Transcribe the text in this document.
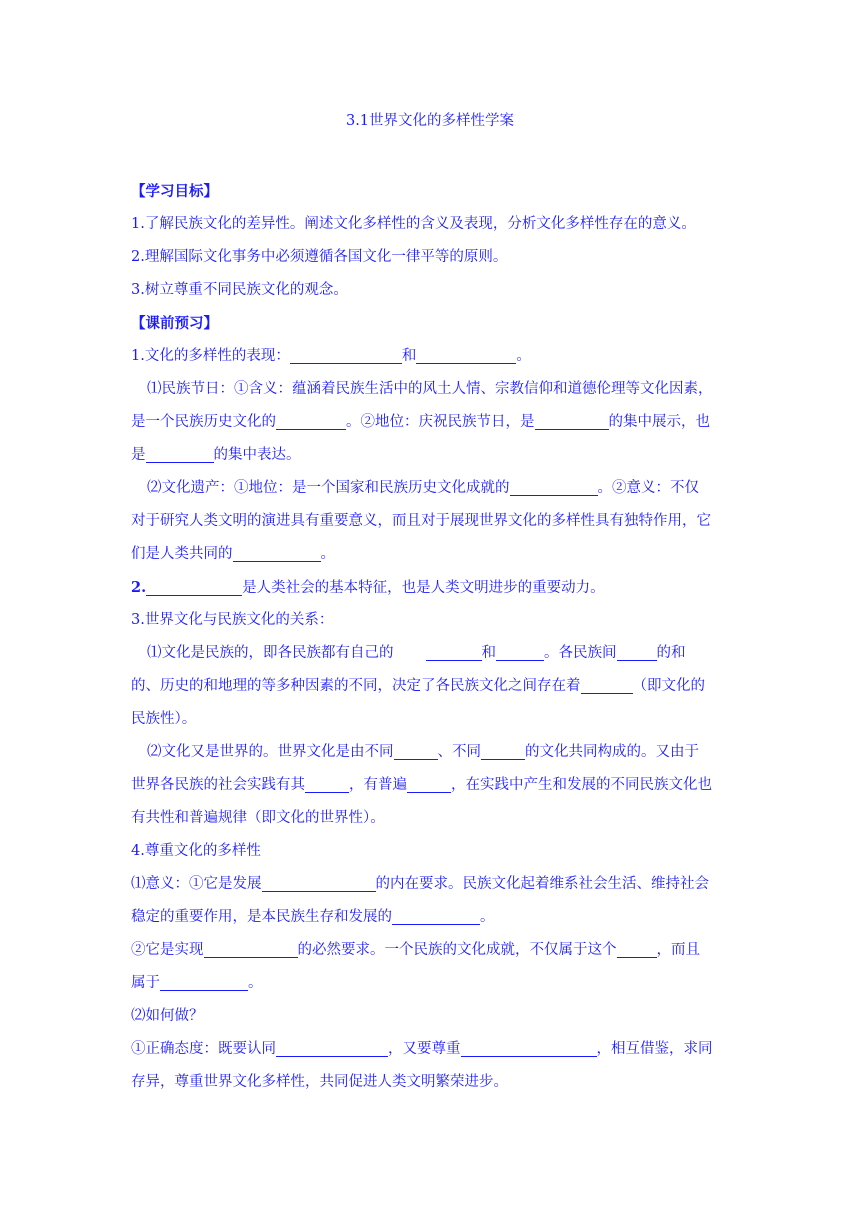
3.1世界文化的多样性学案
【学习目标】
1.了解民族文化的差异性。阐述文化多样性的含义及表现，分析文化多样性存在的意义。
2.理解国际文化事务中必须遵循各国文化一律平等的原则。
3.树立尊重不同民族文化的观念。
【课前预习】
1.文化的多样性的表现：	和	。
⑴民族节日：①含义：蕴涵着民族生活中的风土人情、宗教信仰和道德伦理等文化因素，
是一个民族历史文化的	。②地位：庆祝民族节日，是	的集中展示，也
是	的集中表达。
⑵文化遗产：①地位：是一个国家和民族历史文化成就的	。②意义：不仅
对于研究人类文明的演进具有重要意义，而且对于展现世界文化的多样性具有独特作用，它
们是人类共同的	。
2.	是人类社会的基本特征，也是人类文明进步的重要动力。
3.世界文化与民族文化的关系：
⑴文化是民族的，即各民族都有自己的	和	。各民族间	的和
的、历史的和地理的等多种因素的不同，决定了各民族文化之间存在着	（即文化的
民族性）。
⑵文化又是世界的。世界文化是由不同	、不同	的文化共同构成的。又由于
世界各民族的社会实践有其	，有普遍	，在实践中产生和发展的不同民族文化也
有共性和普遍规律（即文化的世界性）。
4.尊重文化的多样性
⑴意义：①它是发展	的内在要求。民族文化起着维系社会生活、维持社会
稳定的重要作用，是本民族生存和发展的	。
②它是实现	的必然要求。一个民族的文化成就，不仅属于这个	，而且
属于	。
⑵如何做？
①正确态度：既要认同	，又要尊重	，相互借鉴，求同
存异，尊重世界文化多样性，共同促进人类文明繁荣进步。
